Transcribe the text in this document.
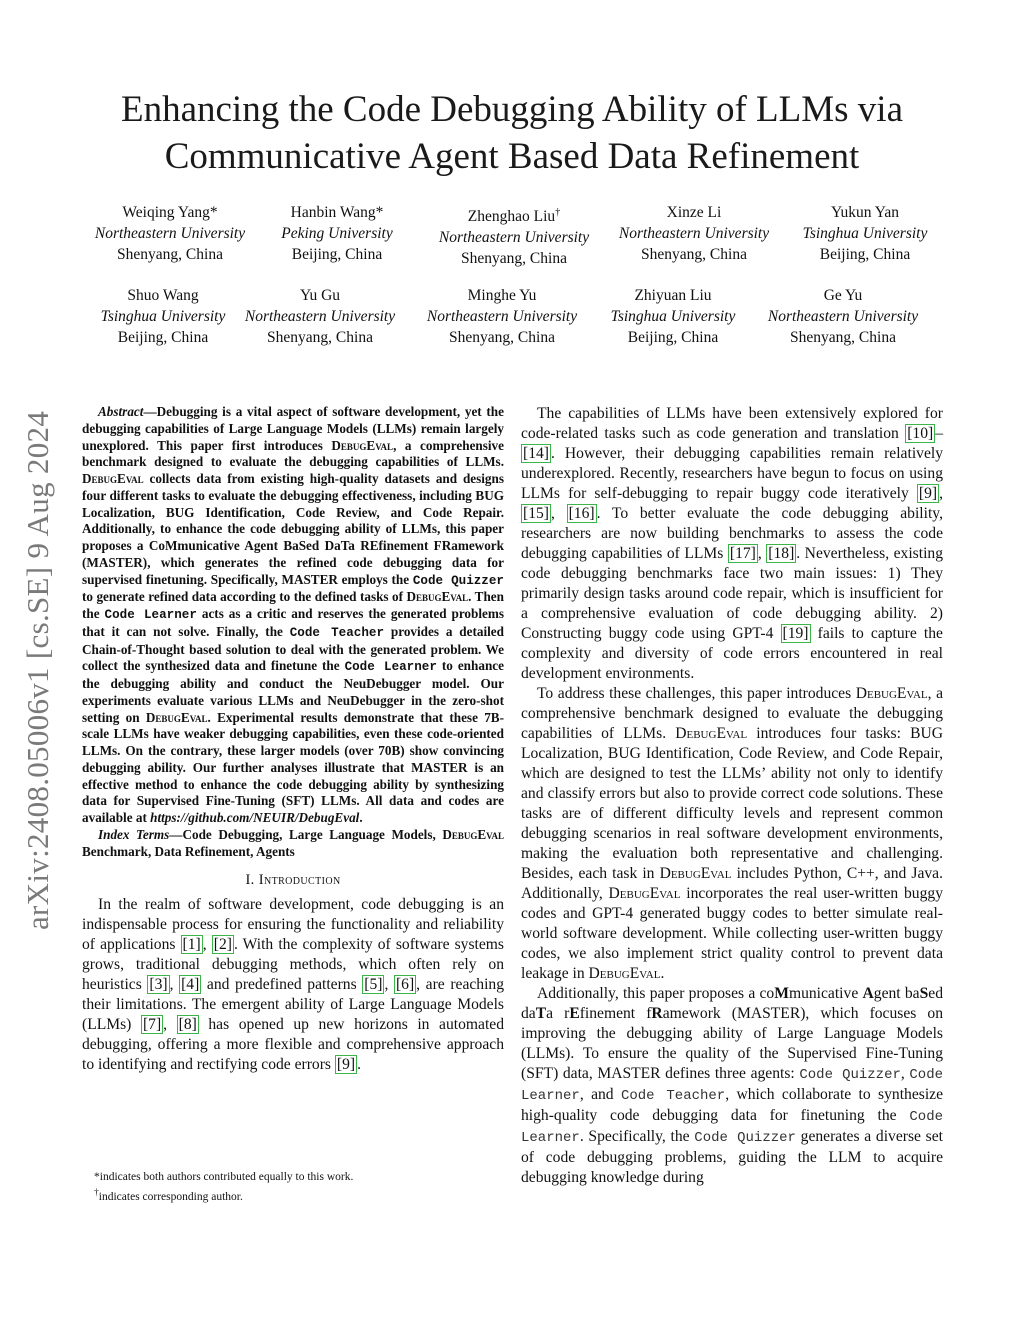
Enhancing the Code Debugging Ability of LLMs via
Communicative Agent Based Data Refinement
Weiqing Yang*
Northeastern University
Shenyang, China
Hanbin Wang*
Peking University
Beijing, China
Zhenghao Liu†
Northeastern University
Shenyang, China
Xinze Li
Northeastern University
Shenyang, China
Yukun Yan
Tsinghua University
Beijing, China
Shuo Wang
Tsinghua University
Beijing, China
Yu Gu
Northeastern University
Shenyang, China
Minghe Yu
Northeastern University
Shenyang, China
Zhiyuan Liu
Tsinghua University
Beijing, China
Ge Yu
Northeastern University
Shenyang, China
arXiv:2408.05006v1 [cs.SE] 9 Aug 2024	Abstract—Debugging is a vital aspect of software development, yet the debugging capabilities of Large Language Models (LLMs) remain largely unexplored. This paper first introduces DebugEval, a comprehensive benchmark designed to evaluate the debugging capabilities of LLMs. DebugEval collects data from existing high-quality datasets and designs four different tasks to evaluate the debugging effectiveness, including BUG Localization, BUG Identification, Code Review, and Code Repair. Additionally, to enhance the code debugging ability of LLMs, this paper proposes a CoMmunicative Agent BaSed DaTa REfinement FRamework (MASTER), which generates the refined code debugging data for supervised finetuning. Specifically, MASTER employs the Code Quizzer to generate refined data according to the defined tasks of DebugEval. Then the Code Learner acts as a critic and reserves the generated problems that it can not solve. Finally, the Code Teacher provides a detailed Chain-of-Thought based solution to deal with the generated problem. We collect the synthesized data and finetune the Code Learner to enhance the debugging ability and conduct the NeuDebugger model. Our experiments evaluate various LLMs and NeuDebugger in the zero-shot setting on DebugEval. Experimental results demonstrate that these 7B-scale LLMs have weaker debugging capabilities, even these code-oriented LLMs. On the contrary, these larger models (over 70B) show convincing debugging ability. Our further analyses illustrate that MASTER is an effective method to enhance the code debugging ability by synthesizing data for Supervised Fine-Tuning (SFT) LLMs. All data and codes are available at https://github.com/NEUIR/DebugEval.

Index Terms—Code Debugging, Large Language Models, DebugEval Benchmark, Data Refinement, Agents

I. Introduction

In the realm of software development, code debugging is an indispensable process for ensuring the functionality and reliability of applications [1] , [2] . With the complexity of software systems grows, traditional debugging methods, which often rely on heuristics [3] , [4] and predefined patterns [5] , [6] , are reaching their limitations. The emergent ability of Large Language Models (LLMs) [7] , [8] has opened up new horizons in automated debugging, offering a more flexible and comprehensive approach to identifying and rectifying code errors [9] .

*indicates both authors contributed equally to this work.
†indicates corresponding author.

The capabilities of LLMs have been extensively explored for code-related tasks such as code generation and translation [10] –[14] . However, their debugging capabilities remain relatively underexplored. Recently, researchers have begun to focus on using LLMs for self-debugging to repair buggy code iteratively [9] , [15] , [16] . To better evaluate the code debugging ability, researchers are now building benchmarks to assess the code debugging capabilities of LLMs [17] , [18] . Nevertheless, existing code debugging benchmarks face two main issues: 1) They primarily design tasks around code repair, which is insufficient for a comprehensive evaluation of code debugging ability. 2) Constructing buggy code using GPT-4 [19] fails to capture the complexity and diversity of code errors encountered in real development environments.

To address these challenges, this paper introduces DebugEval, a comprehensive benchmark designed to evaluate the debugging capabilities of LLMs. DebugEval introduces four tasks: BUG Localization, BUG Identification, Code Review, and Code Repair, which are designed to test the LLMs’ ability not only to identify and classify errors but also to provide correct code solutions. These tasks are of different difficulty levels and represent common debugging scenarios in real software development environments, making the evaluation both representative and challenging. Besides, each task in DebugEval includes Python, C++, and Java. Additionally, DebugEval incorporates the real user-written buggy codes and GPT-4 generated buggy codes to better simulate real-world software development. While collecting user-written buggy codes, we also implement strict quality control to prevent data leakage in DebugEval.

Additionally, this paper proposes a coMmunicative Agent baSed daTa rEfinement fRamework (MASTER), which focuses on improving the debugging ability of Large Language Models (LLMs). To ensure the quality of the Supervised Fine-Tuning (SFT) data, MASTER defines three agents: Code Quizzer, Code Learner, and Code Teacher, which collaborate to synthesize high-quality code debugging data for finetuning the Code Learner. Specifically, the Code Quizzer generates a diverse set of code debugging problems, guiding the LLM to acquire debugging knowledge during
